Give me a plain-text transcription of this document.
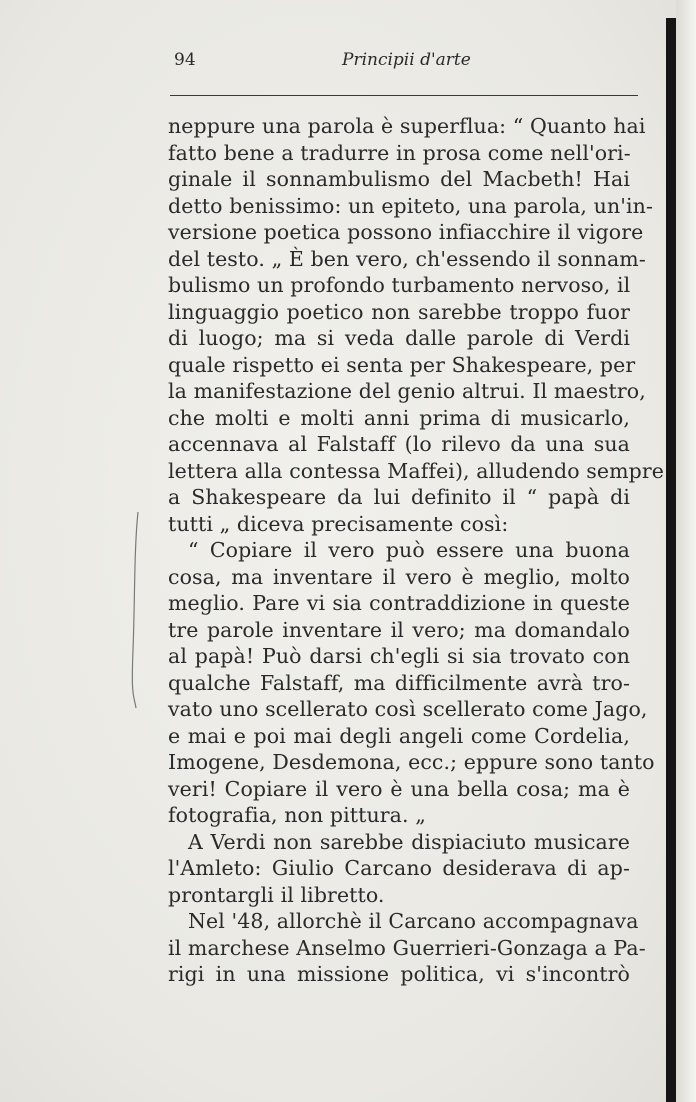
94	Principii d'arte
neppure una parola è superflua: “ Quanto hai
fatto bene a tradurre in prosa come nell'ori-
ginale il sonnambulismo del Macbeth! Hai
detto benissimo: un epiteto, una parola, un'in-
versione poetica possono infiacchire il vigore
del testo. „ È ben vero, ch'essendo il sonnam-
bulismo un profondo turbamento nervoso, il
linguaggio poetico non sarebbe troppo fuor
di luogo; ma si veda dalle parole di Verdi
quale rispetto ei senta per Shakespeare, per
la manifestazione del genio altrui. Il maestro,
che molti e molti anni prima di musicarlo,
accennava al Falstaff (lo rilevo da una sua
lettera alla contessa Maffei), alludendo sempre
a Shakespeare da lui definito il “ papà di
tutti „ diceva precisamente così:
“ Copiare il vero può essere una buona
cosa, ma inventare il vero è meglio, molto
meglio. Pare vi sia contraddizione in queste
tre parole inventare il vero; ma domandalo
al papà! Può darsi ch'egli si sia trovato con
qualche Falstaff, ma difficilmente avrà tro-
vato uno scellerato così scellerato come Jago,
e mai e poi mai degli angeli come Cordelia,
Imogene, Desdemona, ecc.; eppure sono tanto
veri! Copiare il vero è una bella cosa; ma è
fotografia, non pittura. „
A Verdi non sarebbe dispiaciuto musicare
l'Amleto: Giulio Carcano desiderava di ap-
prontargli il libretto.
Nel '48, allorchè il Carcano accompagnava
il marchese Anselmo Guerrieri-Gonzaga a Pa-
rigi in una missione politica, vi s'incontrò
